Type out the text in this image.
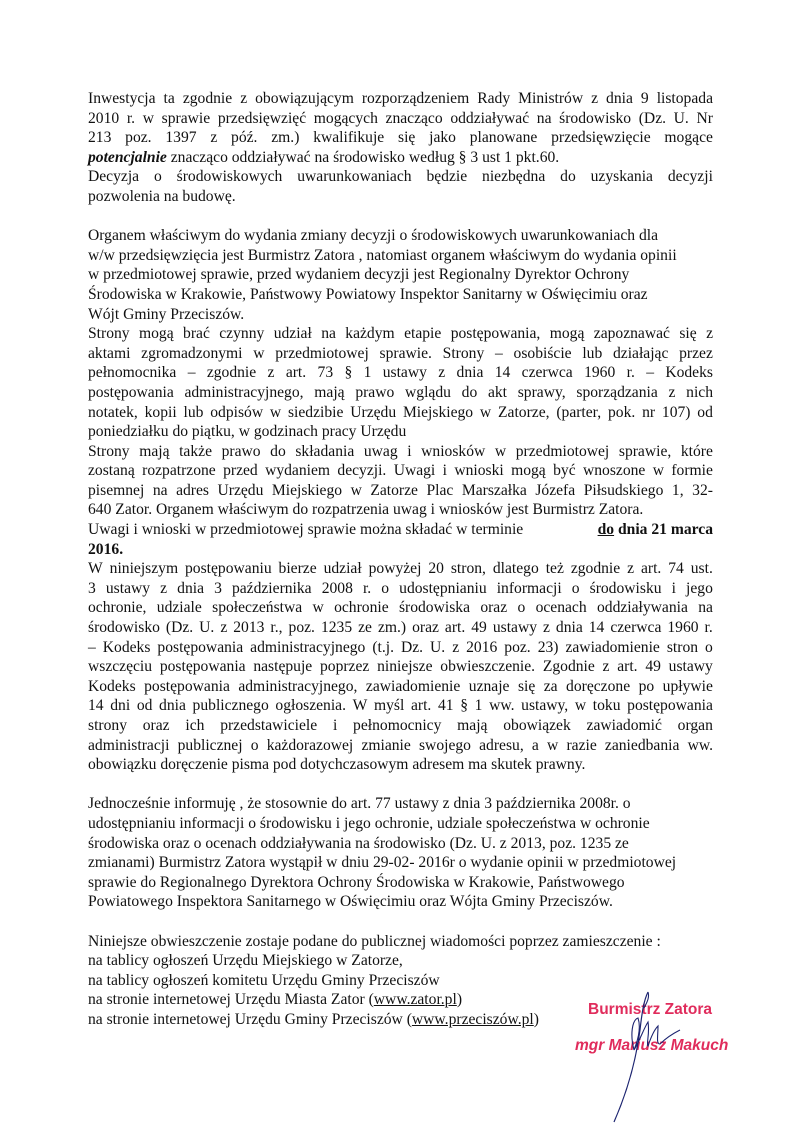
Inwestycja ta zgodnie z obowiązującym rozporządzeniem Rady Ministrów z dnia 9 listopada
2010 r. w sprawie przedsięwzięć mogących znacząco oddziaływać na środowisko (Dz. U. Nr
213 poz. 1397 z póź. zm.) kwalifikuje się jako planowane przedsięwzięcie mogące
potencjalnie znacząco oddziaływać na środowisko według § 3 ust 1 pkt.60.
Decyzja o środowiskowych uwarunkowaniach będzie niezbędna do uzyskania decyzji
pozwolenia na budowę.
Organem właściwym do wydania zmiany decyzji o środowiskowych uwarunkowaniach dla
w/w przedsięwzięcia jest Burmistrz Zatora , natomiast organem właściwym do wydania opinii
w przedmiotowej sprawie, przed wydaniem decyzji jest Regionalny Dyrektor Ochrony
Środowiska w Krakowie, Państwowy Powiatowy Inspektor Sanitarny w Oświęcimiu oraz
Wójt Gminy Przeciszów.
Strony mogą brać czynny udział na każdym etapie postępowania, mogą zapoznawać się z
aktami zgromadzonymi w przedmiotowej sprawie. Strony – osobiście lub działając przez
pełnomocnika – zgodnie z art. 73 § 1 ustawy z dnia 14 czerwca 1960 r. – Kodeks
postępowania administracyjnego, mają prawo wglądu do akt sprawy, sporządzania z nich
notatek, kopii lub odpisów w siedzibie Urzędu Miejskiego w Zatorze, (parter, pok. nr 107) od
poniedziałku do piątku, w godzinach pracy Urzędu
Strony mają także prawo do składania uwag i wniosków w przedmiotowej sprawie, które
zostaną rozpatrzone przed wydaniem decyzji. Uwagi i wnioski mogą być wnoszone w formie
pisemnej na adres Urzędu Miejskiego w Zatorze Plac Marszałka Józefa Piłsudskiego 1, 32-
640 Zator. Organem właściwym do rozpatrzenia uwag i wniosków jest Burmistrz Zatora.
Uwagi i wnioski w przedmiotowej sprawie można składać w terminie	do dnia 21 marca
2016.
W niniejszym postępowaniu bierze udział powyżej 20 stron, dlatego też zgodnie z art. 74 ust.
3 ustawy z dnia 3 października 2008 r. o udostępnianiu informacji o środowisku i jego
ochronie, udziale społeczeństwa w ochronie środowiska oraz o ocenach oddziaływania na
środowisko (Dz. U. z 2013 r., poz. 1235 ze zm.) oraz art. 49 ustawy z dnia 14 czerwca 1960 r.
– Kodeks postępowania administracyjnego (t.j. Dz. U. z 2016 poz. 23) zawiadomienie stron o
wszczęciu postępowania następuje poprzez niniejsze obwieszczenie. Zgodnie z art. 49 ustawy
Kodeks postępowania administracyjnego, zawiadomienie uznaje się za doręczone po upływie
14 dni od dnia publicznego ogłoszenia. W myśl art. 41 § 1 ww. ustawy, w toku postępowania
strony oraz ich przedstawiciele i pełnomocnicy mają obowiązek zawiadomić organ
administracji publicznej o każdorazowej zmianie swojego adresu, a w razie zaniedbania ww.
obowiązku doręczenie pisma pod dotychczasowym adresem ma skutek prawny.
Jednocześnie informuję , że stosownie do art. 77 ustawy z dnia 3 października 2008r. o
udostępnianiu informacji o środowisku i jego ochronie, udziale społeczeństwa w ochronie
środowiska oraz o ocenach oddziaływania na środowisko (Dz. U. z 2013, poz. 1235 ze
zmianami) Burmistrz Zatora wystąpił w dniu 29-02- 2016r o wydanie opinii w przedmiotowej
sprawie do Regionalnego Dyrektora Ochrony Środowiska w Krakowie, Państwowego
Powiatowego Inspektora Sanitarnego w Oświęcimiu oraz Wójta Gminy Przeciszów.
Niniejsze obwieszczenie zostaje podane do publicznej wiadomości poprzez zamieszczenie :
na tablicy ogłoszeń Urzędu Miejskiego w Zatorze,
na tablicy ogłoszeń komitetu Urzędu Gminy Przeciszów
na stronie internetowej Urzędu Miasta Zator (www.zator.pl)
na stronie internetowej Urzędu Gminy Przeciszów (www.przeciszów.pl)
Burmistrz Zatora
mgr Mariusz Makuch
